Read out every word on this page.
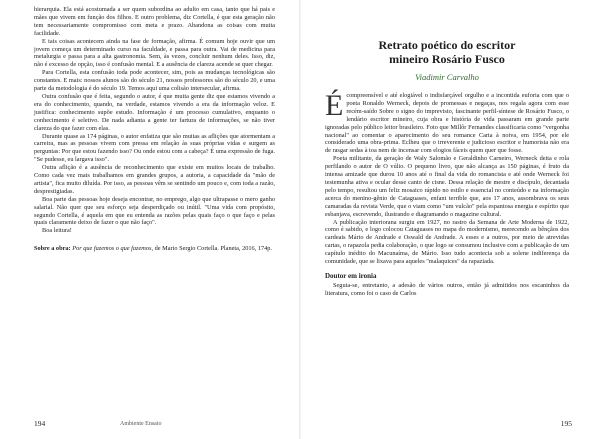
hierarquia. Ela está acostumada a ser quem subordina ao adulto em casa, tanto que há pais e mães que vivem em função dos filhos. E outro problema, diz Cortella, é que esta geração não tem necessariamente compromisso com meta e prazo. Abandona as coisas com muita facilidade.

E tais coisas acontecem ainda na fase de formação, afirma. É comum hoje ouvir que um jovem começa um determinado curso na faculdade, e passa para outra. Vai de medicina para metalurgia e passa para a alta gastronomia. Sem, às vezes, concluir nenhum deles. Isso, diz, não é excesso de opção, isso é confusão mental. E a ausência de clareza acende se quer chegar.

Para Cortella, esta confusão toda pode acontecer, sim, pois as mudanças tecnológicas são constantes. E mais: nossos alunos são do século 21, nossos professores são do século 20, e uma parte da metodologia é do século 19. Temos aqui uma colisão intersecular, afirma.

Outra confusão que é feita, segundo o autor, é que muita gente diz que estamos vivendo a era do conhecimento, quando, na verdade, estamos vivendo a era da informação veloz. E justifica: conhecimento supõe estudo. Informação é um processo cumulativo, enquanto o conhecimento é seletivo. De nada adianta a gente ter fartura de informações, se não tiver clareza do que fazer com elas.

Durante quase as 174 páginas, o autor enfatiza que são muitas as aflições que atormentam a carreira, mas as pessoas vivem com pressa em relação às suas próprias vidas e surgem as perguntas: Por que estou fazendo isso? Ou onde estou com a cabeça? É uma expressão de fuga. "Se pudesse, eu largava isso".

Outra aflição é a ausência de reconhecimento que existe em muitos locais de trabalho. Como cada vez mais trabalhamos em grandes grupos, a autoria, a capacidade da "mão de artista", fica muito diluída. Por isso, as pessoas vêm se sentindo um pouco e, com toda a razão, desprestigiadas.

Boa parte das pessoas hoje deseja encontrar, no emprego, algo que ultrapasse o mero ganho salarial. Não quer que seu esforço seja desperdiçado ou inútil. "Uma vida com propósito, segundo Cortella, é aquela em que eu entenda as razões pelas quais faço o que faço e pelas quais claramente deixo de fazer o que não faço".

Boa leitura!

Sobre a obra: Por que fazemos o que fazemos, de Mario Sergio Cortella. Planeta, 2016, 174p.

194	Ambiente Ensaio
Retrato poético do escritor
mineiro Rosário Fusco
Viadimir Carvalho
É compreensível e até elogiável o indisfarçável orgulho e a incontida euforia com que o poeta Ronaldo Werneck, depois de promessas e negaças, nos regala agora com esse recém-saído Sobre o signo do imprevisto, fascinante perfil-síntese de Rosário Fusco, o lendário escritor mineiro, cuja obra e história de vida passaram em grande parte ignoradas pelo público leitor brasileiro. Foto que Millôr Fernandes classificaria como "vergonha nacional" ao comentar o aparecimento do seu romance Carta à noiva, em 1954, por ele considerado uma obra-prima. Eclheu que o irreverente e judicioso escritor e humorista não era de rasgar sedas à toa nem de incensar com elogios fáceis quem quer que fosse.

Poeta militante, da geração de Waly Salomão e Geraldinho Carneiro, Werneck deita e rola perfilando o autor de O vúlio. O pequeno livro, que não alcança as 150 páginas, é fruto da intensa amizade que durou 10 anos até o final da vida do romancista e até onde Werneck foi testemunha ativa e ocular desse canto de cisne. Dessa relação de mestre e discípulo, decantada pelo tempo, resultou um feliz mosaico rápido no estilo e essencial no conteúdo e na informação acerca do menino-gênio de Cataguases, enfant terrible que, aos 17 anos, assombrava os seus camaradas da revista Verde, que o viam como "um vulcão" pela espantosa energia e espírito que esbanjava, escrevendo, ilustrando e diagramando o magazine cultural.

A publicação interiorana surgiu em 1927, no rastro da Semana de Arte Moderna de 1922, como é sabido, e logo colocou Cataguases no mapa do modernismo, merecendo as bênçãos dos cardeais Mário de Andrade e Oswald de Andrade. A esses e a outros, por meio de atrevidas cartas, o rapazola pedia colaboração, o que logo se consumou inclusive com a publicação de um capítulo inédito do Macunaíma, de Mário. Isso tudo acontecia sob a solene indiferença da comunidade, que se lixava para aqueles "malaquices" da rapaziada.

Doutor em ironia

Seguia-se, entretanto, a adesão de vários outros, então já admitidos nos escaninhos da literatura, como foi o caso de Carlos

195
